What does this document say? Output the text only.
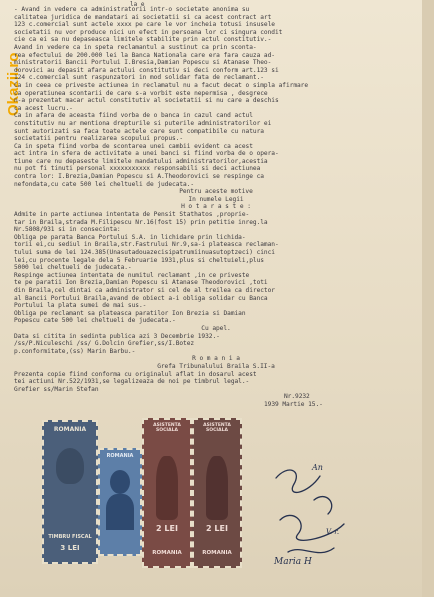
Okazii.ro
la e
- Avand in vedere ca administratorii intr-o societate anonima su
calitatea juridica de mandatari ai societatii si ca acest contract art
123 c.comercial sunt actele xxxx pe care le vor incheia totusi insusele
societatii nu vor produce nici un efect in persoana lor ci singura condit
cie ca ei sa nu depaseasca limitele stabilite prin actul constitutiv.-
Avand in vedere ca in speta reclamantul a sustinut ca prin sconta-
rea efectului de 200.000 lei la Banca Nationala care era fara cauza ad-
ministratorii Bancii Portului I.Bresia,Damian Popescu si Atanase Theo-
dorovici au depasit afara actului constitutiv si deci conform art.123 si
124 c.comercial sunt raspunzatori in mod solidar fata de reclamant.-
Ca in ceea ce priveste actiunea in reclamatul nu a facut decat o simpla afirmare
ca operatiunea scontarii de care s-a vorbit este nepermisa , desgrece
n-a prezentat macar actul constitutiv al societatii si nu care a deschis
ca acest lucru.-
Ca in afara de aceasta fiind vorba de o banca in cazul cand actul
constitutiv nu ar mentiona drepturile si puterile administratorilor ei
sunt autorizati sa faca toate actele care sunt compatibile cu natura
societatii pentru realizarea scopului propus.-
Ca in speta fiind vorba de scontarea unei cambii evident ca acest
act intra in sfera de activitate a unei banci si fiind vorba de o opera-
tiune care nu depaseste limitele mandatului administratorilor,acestia
nu pot fi tinuti personal xxxxxxxxxxx responsabili si deci actiunea
contra lor: I.Brezia,Damian Popescu si A.Theodorovici se respinge ca
nefondata,cu cate 500 lei cheltueli de judecata.-
Pentru aceste motive
In numele Legii
H o t a r a s t e :
Admite in parte actiunea intentata de Pensit Stathatos ,proprie-
tar in Braila,strada M.Filipescu Nr.16(fost 15) prin petitie inreg.la
Nr.5808/931 si in consecinta:
Obliga pe parata Banca Portului S.A. in lichidare prin lichida-
torii ei,cu sediul in Braila,str.Fastrului Nr.9,sa-i plateasca reclaman-
tului suma de lei 124.385(Unasutadouazecisipatrumiinuasutoptzeci) cinci
lei,cu procente legale dela 5 Februarie 1931,plus si cheltuieli,plus
5000 lei cheltueli de judecata.-
Respinge actiunea intentata de numitul reclamant ,in ce priveste
te pe paratii Ion Brezia,Damian Popescu si Atanase Theodorovici ,toti
din Braila,cel dintai ca administrator si cel de al treilea ca director
al Bancii Portului Braila,avand de obiect a-i obliga solidar cu Banca
Portului la plata sumei de mai sus.-
Obliga pe reclamant sa plateasca paratilor Ion Brezia si Damian
Popescu cate 500 lei cheltueli de judecata.-
Cu apel.
Data si citita in sedinta publica azi 3 Decembrie 1932.-
/ss/P.Niculeschi /ss/ G.Dolcin Grefier,ss/I.Botez
p.conformitate,(ss) Marin Barbu.-
R o m a n i a
Grefa Tribunalului Braila S.II-a
Prezenta copie fiind conforma cu originalul aflat in dosarul acest
tei actiuni Nr.522/1931,se legalizeaza de noi pe timbrul legal.-
Grefier ss/Marin Stefan
Nr.9232
1939 Martie 15.-
ROMANIA
TIMBRU FISCAL
3 LEI
ROMANIA
ASISTENTA SOCIALA
2 LEI
ROMANIA
ASISTENTA SOCIALA
2 LEI
ROMANIA
Maria H
An
V. r.
